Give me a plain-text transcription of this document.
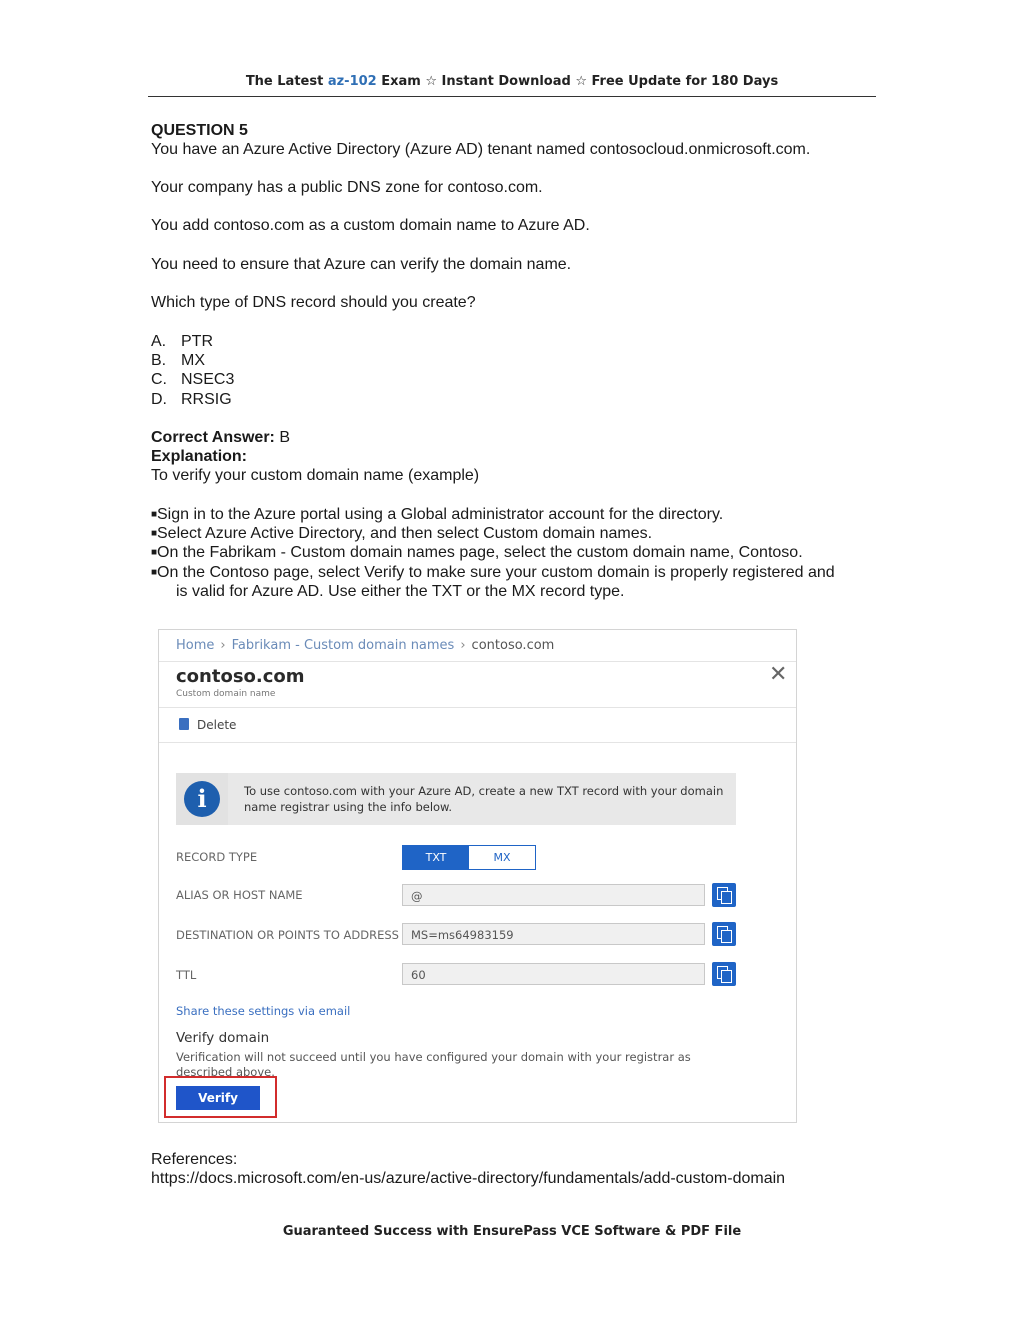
The Latest az-102 Exam ☆ Instant Download ☆ Free Update for 180 Days
QUESTION 5
You have an Azure Active Directory (Azure AD) tenant named contosocloud.onmicrosoft.com.
Your company has a public DNS zone for contoso.com.
You add contoso.com as a custom domain name to Azure AD.
You need to ensure that Azure can verify the domain name.
Which type of DNS record should you create?
A. PTR
B. MX
C. NSEC3
D. RRSIG
Correct Answer: B
Explanation:
To verify your custom domain name (example)
■Sign in to the Azure portal using a Global administrator account for the directory.
■Select Azure Active Directory, and then select Custom domain names.
■On the Fabrikam - Custom domain names page, select the custom domain name, Contoso.
■On the Contoso page, select Verify to make sure your custom domain is properly registered and
is valid for Azure AD. Use either the TXT or the MX record type.
Home › Fabrikam - Custom domain names › contoso.com
contoso.com
Custom domain name
✕
Delete
i	To use contoso.com with your Azure AD, create a new TXT record with your domain name registrar using the info below.
RECORD TYPE	TXT	MX
ALIAS OR HOST NAME	@
DESTINATION OR POINTS TO ADDRESS	MS=ms64983159
TTL	60
Share these settings via email
Verify domain
Verification will not succeed until you have configured your domain with your registrar as described above.
Verify
References:
https://docs.microsoft.com/en-us/azure/active-directory/fundamentals/add-custom-domain
Guaranteed Success with EnsurePass VCE Software & PDF File
